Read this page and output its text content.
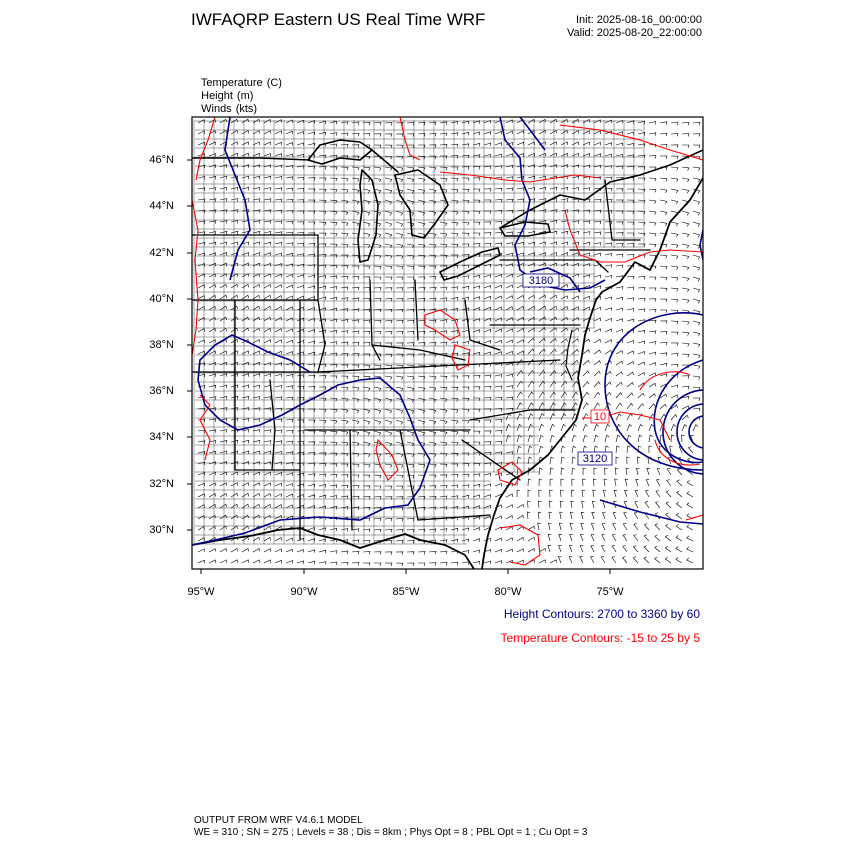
IWFAQRP Eastern US Real Time WRF	Init: 2025-08-16_00:00:00
Valid: 2025-08-20_22:00:00

Temperature (C)

Height (m)

Winds (kts)

3180
3120
10
46°N
44°N
42°N
40°N
38°N
36°N
34°N
32°N
30°N
95°W	90°W	85°W	80°W	75°W
Height Contours: 2700 to 3360 by 60
Temperature Contours: -15 to 25 by 5
OUTPUT FROM WRF V4.6.1 MODEL
WE = 310 ; SN = 275 ; Levels = 38 ; Dis = 8km ; Phys Opt = 8 ; PBL Opt = 1 ; Cu Opt = 3
